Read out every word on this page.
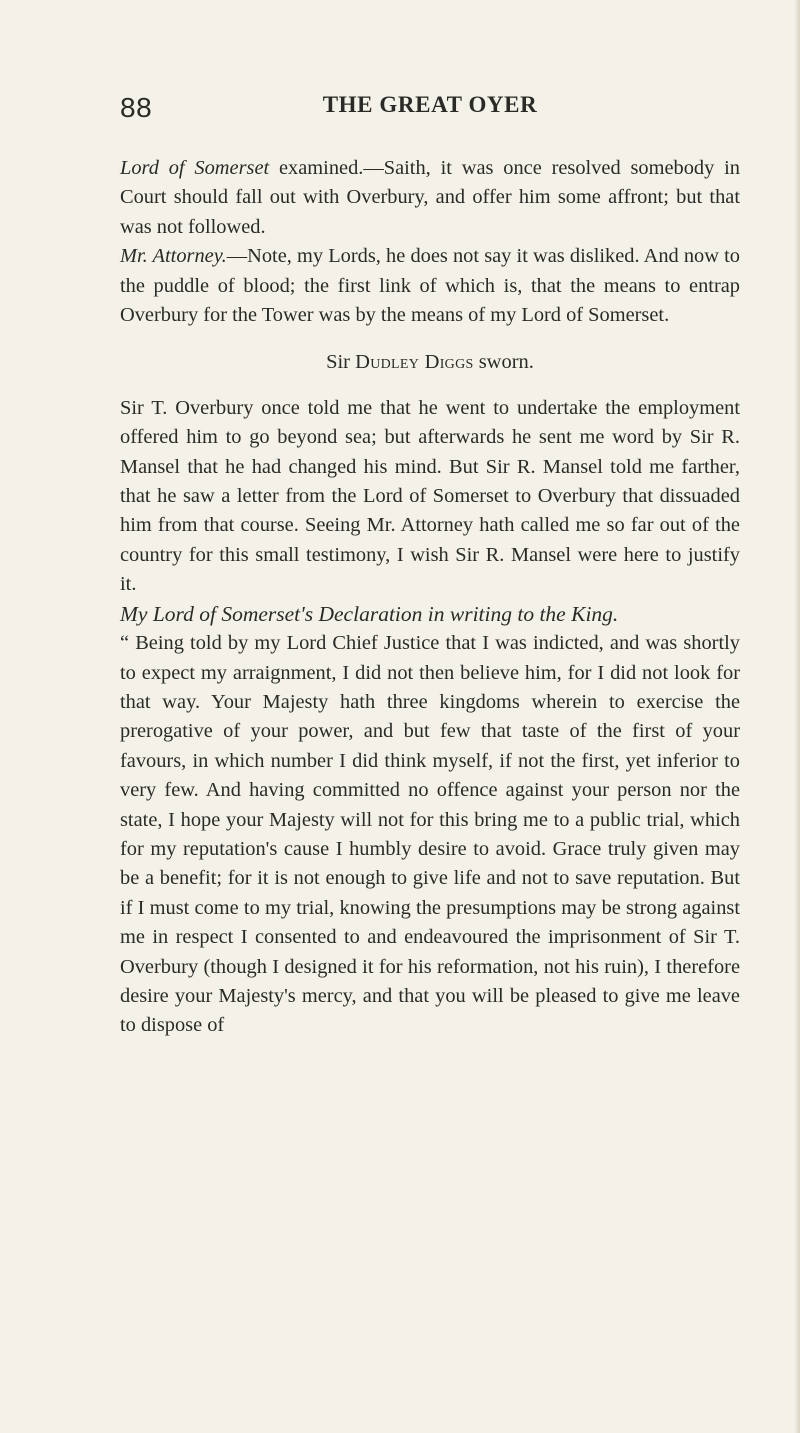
88	THE GREAT OYER

Lord of Somerset examined.—Saith, it was once resolved somebody in Court should fall out with Overbury, and offer him some affront; but that was not followed.

Mr. Attorney.—Note, my Lords, he does not say it was disliked. And now to the puddle of blood; the first link of which is, that the means to entrap Overbury for the Tower was by the means of my Lord of Somerset.

Sir Dudley Diggs sworn.

Sir T. Overbury once told me that he went to undertake the employment offered him to go beyond sea; but afterwards he sent me word by Sir R. Mansel that he had changed his mind. But Sir R. Mansel told me farther, that he saw a letter from the Lord of Somerset to Overbury that dissuaded him from that course. Seeing Mr. Attorney hath called me so far out of the country for this small testimony, I wish Sir R. Mansel were here to justify it.

My Lord of Somerset's Declaration in writing to the King.

“ Being told by my Lord Chief Justice that I was indicted, and was shortly to expect my arraignment, I did not then believe him, for I did not look for that way. Your Majesty hath three kingdoms wherein to exercise the prerogative of your power, and but few that taste of the first of your favours, in which number I did think myself, if not the first, yet inferior to very few. And having committed no offence against your person nor the state, I hope your Majesty will not for this bring me to a public trial, which for my reputation's cause I humbly desire to avoid. Grace truly given may be a benefit; for it is not enough to give life and not to save reputation. But if I must come to my trial, knowing the presumptions may be strong against me in respect I consented to and endeavoured the imprisonment of Sir T. Overbury (though I designed it for his reformation, not his ruin), I therefore desire your Majesty's mercy, and that you will be pleased to give me leave to dispose of
